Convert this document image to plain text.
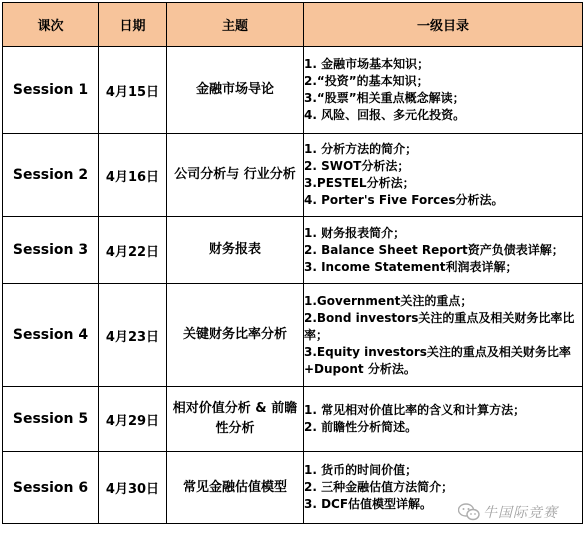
课次	日期	主题	一级目录
Session 1	4月15日	金融市场导论	1. 金融市场基本知识；
2.“投资”的基本知识；
3.“股票”相关重点概念解读；
4. 风险、回报、多元化投资。

Session 2	4月16日	公司分析与 行业分析	1. 分析方法的简介；
2. SWOT分析法；
3.PESTEL分析法；
4. Porter's Five Forces分析法。

Session 3	4月22日	财务报表	1. 财务报表简介；
2. Balance Sheet Report资产负债表详解；
3. Income Statement利润表详解；

Session 4	4月23日	关键财务比率分析	1.Government关注的重点；
2.Bond investors关注的重点及相关财务比率比率；
3.Equity investors关注的重点及相关财务比率+Dupont 分析法。

Session 5	4月29日	相对价值分析 & 前瞻性分析	1. 常见相对价值比率的含义和计算方法；
2. 前瞻性分析简述。

Session 6	4月30日	常见金融估值模型	1. 货币的时间价值；
2. 三种金融估值方法简介；
3. DCF估值模型详解。
牛国际竞赛
